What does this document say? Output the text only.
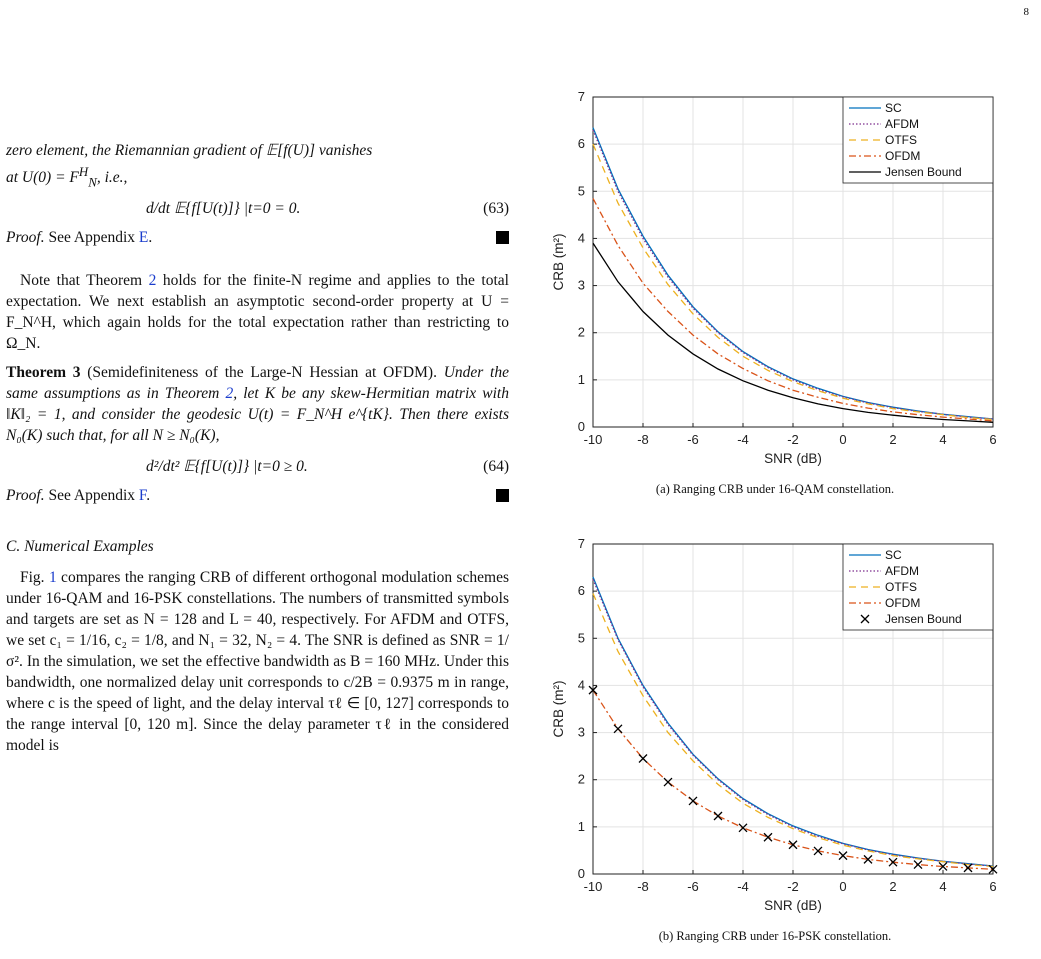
8

zero element, the Riemannian gradient of 𝔼[f(U)] vanishes
at $U(0) = F^H_N$, i.e.,

d/dt 𝔼{f[U(t)]} |t=0 = 0.	(63)
Proof. See Appendix E.

Note that Theorem 2 holds for the finite-N regime and applies to the total expectation. We next establish an asymptotic second-order property at U = F_N^H, which again holds for the total expectation rather than restricting to Ω_N.

Theorem 3 (Semidefiniteness of the Large-N Hessian at OFDM). Under the same assumptions as in Theorem 2, let K be any skew-Hermitian matrix with ‖K‖₂ = 1, and consider the geodesic U(t) = F_N^H e^{tK}. Then there exists N₀(K) such that, for all N ≥ N₀(K),

d²/dt² 𝔼{f[U(t)]} |t=0 ≥ 0.	(64)
Proof. See Appendix F.
C. Numerical Examples

Fig. 1 compares the ranging CRB of different orthogonal modulation schemes under 16-QAM and 16-PSK constellations. The numbers of transmitted symbols and targets are set as N = 128 and L = 40, respectively. For AFDM and OTFS, we set c₁ = 1/16, c₂ = 1/8, and N₁ = 32, N₂ = 4. The SNR is defined as SNR = 1/σ². In the simulation, we set the effective bandwidth as B = 160 MHz. Under this bandwidth, one normalized delay unit corresponds to c/2B = 0.9375 m in range, where c is the speed of light, and the delay interval τℓ ∈ [0, 127] corresponds to the range interval [0, 120 m]. Since the delay parameter τℓ in the considered model is

-10	-8	-6	-4	-2	0	2	4	6
0
1
2
3
4
5
6
7
SNR (dB)
CRB (m²)
SC
AFDM
OTFS
OFDM
Jensen Bound
(a) Ranging CRB under 16-QAM constellation.
-10	-8	-6	-4	-2	0	2	4	6
0
1
2
3
4
5
6
7
SNR (dB)
CRB (m²)
SC
AFDM
OTFS
OFDM
Jensen Bound
(b) Ranging CRB under 16-PSK constellation.
